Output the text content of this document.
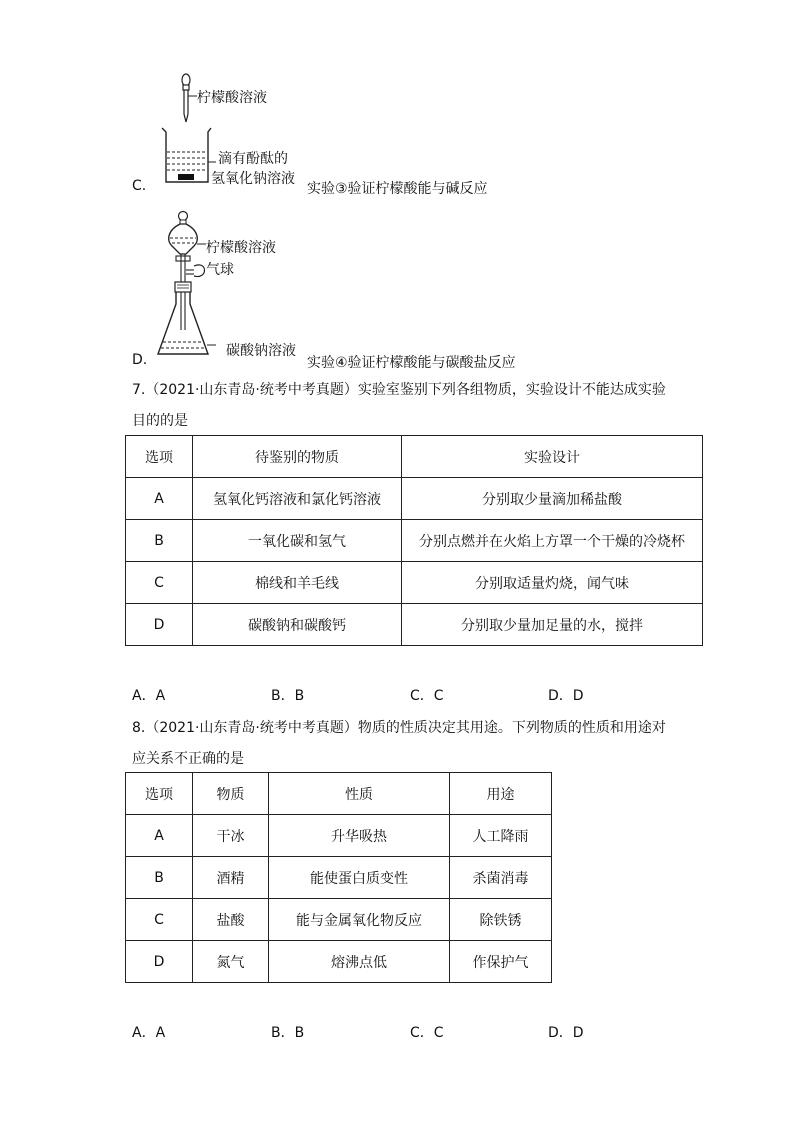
柠檬酸溶液
滴有酚酞的
氢氧化钠溶液
C.	实验③验证柠檬酸能与碱反应
柠檬酸溶液
气球
碳酸钠溶液
D.	实验④验证柠檬酸能与碳酸盐反应
7.（2021·山东青岛·统考中考真题）实验室鉴别下列各组物质，实验设计不能达成实验
目的的是
选项	待鉴别的物质	实验设计
A	氢氧化钙溶液和氯化钙溶液	分别取少量滴加稀盐酸
B	一氧化碳和氢气	分别点燃并在火焰上方罩一个干燥的冷烧杯
C	棉线和羊毛线	分别取适量灼烧，闻气味
D	碳酸钠和碳酸钙	分别取少量加足量的水，搅拌
A．A	B．B	C．C	D．D
8.（2021·山东青岛·统考中考真题）物质的性质决定其用途。下列物质的性质和用途对
应关系不正确的是
选项	物质	性质	用途
A	干冰	升华吸热	人工降雨
B	酒精	能使蛋白质变性	杀菌消毒
C	盐酸	能与金属氧化物反应	除铁锈
D	氮气	熔沸点低	作保护气
A．A	B．B	C．C	D．D
